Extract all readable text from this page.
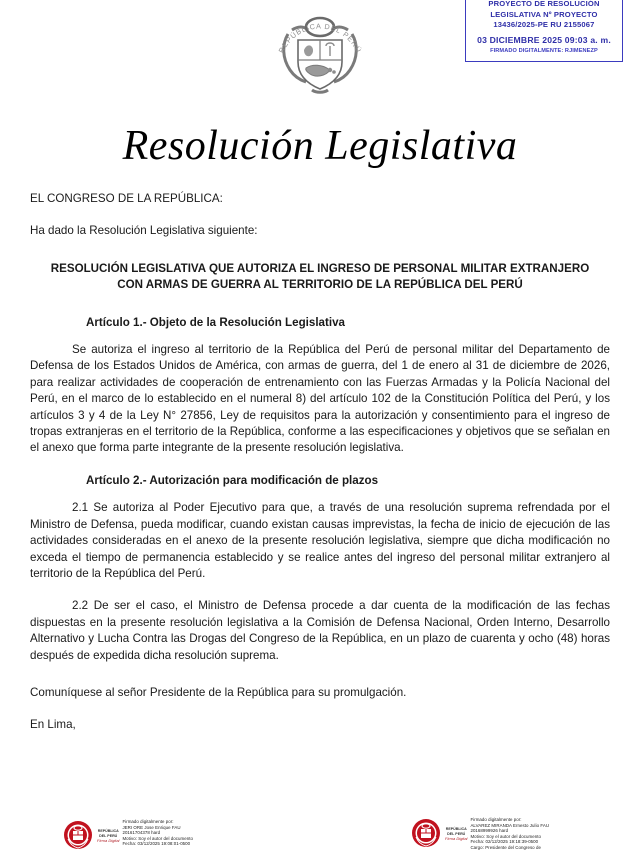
REPÚBLICA DEL PERÚ
PROYECTO DE RESOLUCIÓN
LEGISLATIVA Nº PROYECTO
13436/2025-PE RU 2155067
03 DICIEMBRE 2025 09:03 a. m.
FIRMADO DIGITALMENTE: RJIMENEZP
Resolución Legislativa

EL CONGRESO DE LA REPÚBLICA:

Ha dado la Resolución Legislativa siguiente:

RESOLUCIÓN LEGISLATIVA QUE AUTORIZA EL INGRESO DE PERSONAL MILITAR EXTRANJERO CON ARMAS DE GUERRA AL TERRITORIO DE LA REPÚBLICA DEL PERÚ

Artículo 1.- Objeto de la Resolución Legislativa

Se autoriza el ingreso al territorio de la República del Perú de personal militar del Departamento de Defensa de los Estados Unidos de América, con armas de guerra, del 1 de enero al 31 de diciembre de 2026, para realizar actividades de cooperación de entrenamiento con las Fuerzas Armadas y la Policía Nacional del Perú, en el marco de lo establecido en el numeral 8) del artículo 102 de la Constitución Política del Perú, y los artículos 3 y 4 de la Ley N° 27856, Ley de requisitos para la autorización y consentimiento para el ingreso de tropas extranjeras en el territorio de la República, conforme a las especificaciones y objetivos que se señalan en el anexo que forma parte integrante de la presente resolución legislativa.

Artículo 2.- Autorización para modificación de plazos

2.1 Se autoriza al Poder Ejecutivo para que, a través de una resolución suprema refrendada por el Ministro de Defensa, pueda modificar, cuando existan causas imprevistas, la fecha de inicio de ejecución de las actividades consideradas en el anexo de la presente resolución legislativa, siempre que dicha modificación no exceda el tiempo de permanencia establecido y se realice antes del ingreso del personal militar extranjero al territorio de la República del Perú.

2.2 De ser el caso, el Ministro de Defensa procede a dar cuenta de la modificación de las fechas dispuestas en la presente resolución legislativa a la Comisión de Defensa Nacional, Orden Interno, Desarrollo Alternativo y Lucha Contra las Drogas del Congreso de la República, en un plazo de cuarenta y ocho (48) horas después de expedida dicha resolución suprema.

Comuníquese al señor Presidente de la República para su promulgación.

En Lima,

REPÚBLICA
DEL PERÚ
Firma Digital
Firmado digitalmente por:
JERI ORE Jose Enrique FAU
20161704378 hard
Motivo: Soy el autor del documento
Fecha: 03/12/2025 19:08:01-0500
REPÚBLICA
DEL PERÚ
Firma Digital
Firmado digitalmente por:
ALVAREZ MIRANDA Ernesto Julio FAU
20168999926 hard
Motivo: Soy el autor del documento
Fecha: 02/12/2025 19:18:39-0500
Cargo: Presidente del Congreso de
